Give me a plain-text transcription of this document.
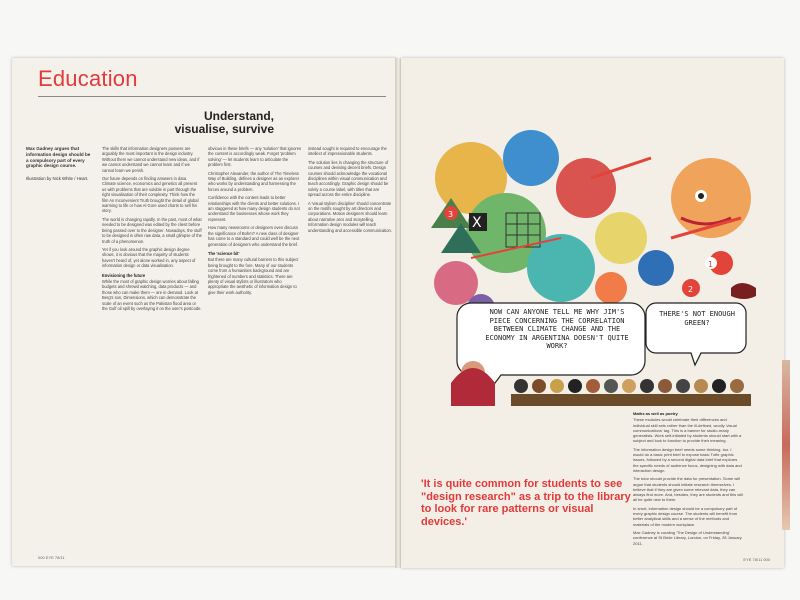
Education
Understand, visualise, survive
Max Gadney argues that information design should be a compulsory part of every graphic design course.
Illustration by Nick White / Heart.

The skills that information designers possess are arguably the most important in the design industry. Without them we cannot understand new ideas, and if we cannot understand we cannot learn and if we cannot learn we perish.

Our future depends on finding answers in data. Climate science, economics and genetics all present us with problems that are soluble in part through the right visualisation of their complexity. Think how the film An Inconvenient Truth brought the detail of global warming to life or how Al Gore used charts to sell his story.

The world is changing rapidly. In the past, most of what needed to be designed was edited by the client before being passed over to the designer. Nowadays, the stuff to be designed is often raw data, a small glimpse of the truth of a phenomenon.

Yet if you look around the graphic design degree shows, it is obvious that the majority of students haven't heard of, yet alone worked in, any aspect of information design or data visualisation.

Envisioning the future

While the most of graphic design worries about falling budgets and shrewd watching, data products — and those who can make them — are in demand. Look at Berg's son, Dimensions, which can demonstrate the scale of an event such as the Pakistan flood area or the Gulf oil spill by overlaying it on the user's postcode.

obvious in these briefs — any 'solution' that ignores the content is accordingly weak. Forget 'problem solving' — let students learn to articulate the problem first.

Christopher Alexander, the author of The Timeless Way of Building, defines a designer as an explorer who works by understanding and harnessing the forces around a problem.

Confidence with the content leads to better relationships with the clients and better solutions. I am staggered at how many design students do not understand the businesses whose work they represent.

How many newsrooms or designers even discuss the significance of Bohm? A new class of designer has come to a standard and could well be the next generation of designers who understand the brief.

The 'science bit'

But there are many cultural barriers to this subject being brought to the fore. Many of our students come from a humanities background and are frightened of numbers and statistics. There are plenty of visual stylists or illustrators who appropriate the aesthetic of information design to give their work authority.

instead sought is required to encourage the intellect of impressionable students.

The solution lies in changing the structure of courses and devising decent briefs. Design courses should acknowledge the vocational disciplines within visual communication and teach accordingly. Graphic design should be solely a course label, with titles that are spread across the entire discipline.

A 'visual stylism discipline' should concentrate on the motifs sought by art directors and corporations. Motion designers should learn about narrative arcs and storytelling. Information design modules will teach understanding and accessible communication.

000 EYE 78/11
X
1
2
3
NOW CAN ANYONE TELL ME WHY JIM'S PIECE CONCERNING THE CORRELATION BETWEEN CLIMATE CHANGE AND THE ECONOMY IN ARGENTINA DOESN'T QUITE WORK?
THERE'S NOT ENOUGH GREEN?

Maths as well as poetry

These modules would celebrate their differences and individual skill sets rather than the ill-defined, woolly 'visual communications' tag. This is a banner for studio-ready generalists. Work self-initiated by students should start with a subject and look to function to provide their meaning.

The information design brief needs some thinking, too. I would do a basic print brief to expose basic Tufte graphic issues, followed by a second digital data brief that explores the specific needs of audience focus, designing with data and interaction design.

The tutor should provide the data for presentation. Some will argue that students should initiate research themselves. I believe that if they are given some relevant data, they can always find more. And, besides, they are students and this will all be quite new to them.

In short, information design should be a compulsory part of every graphic design course. The students will benefit from better analytical skills and a sense of the methods and materials of the modern workplace.

Max Gadney is curating 'The Design of Understanding' conference at St Bride Library, London, on Friday, 28 January 2011.

'It is quite common for students to see "design research" as a trip to the library to look for rare patterns or visual devices.'
EYE 78/11 000
